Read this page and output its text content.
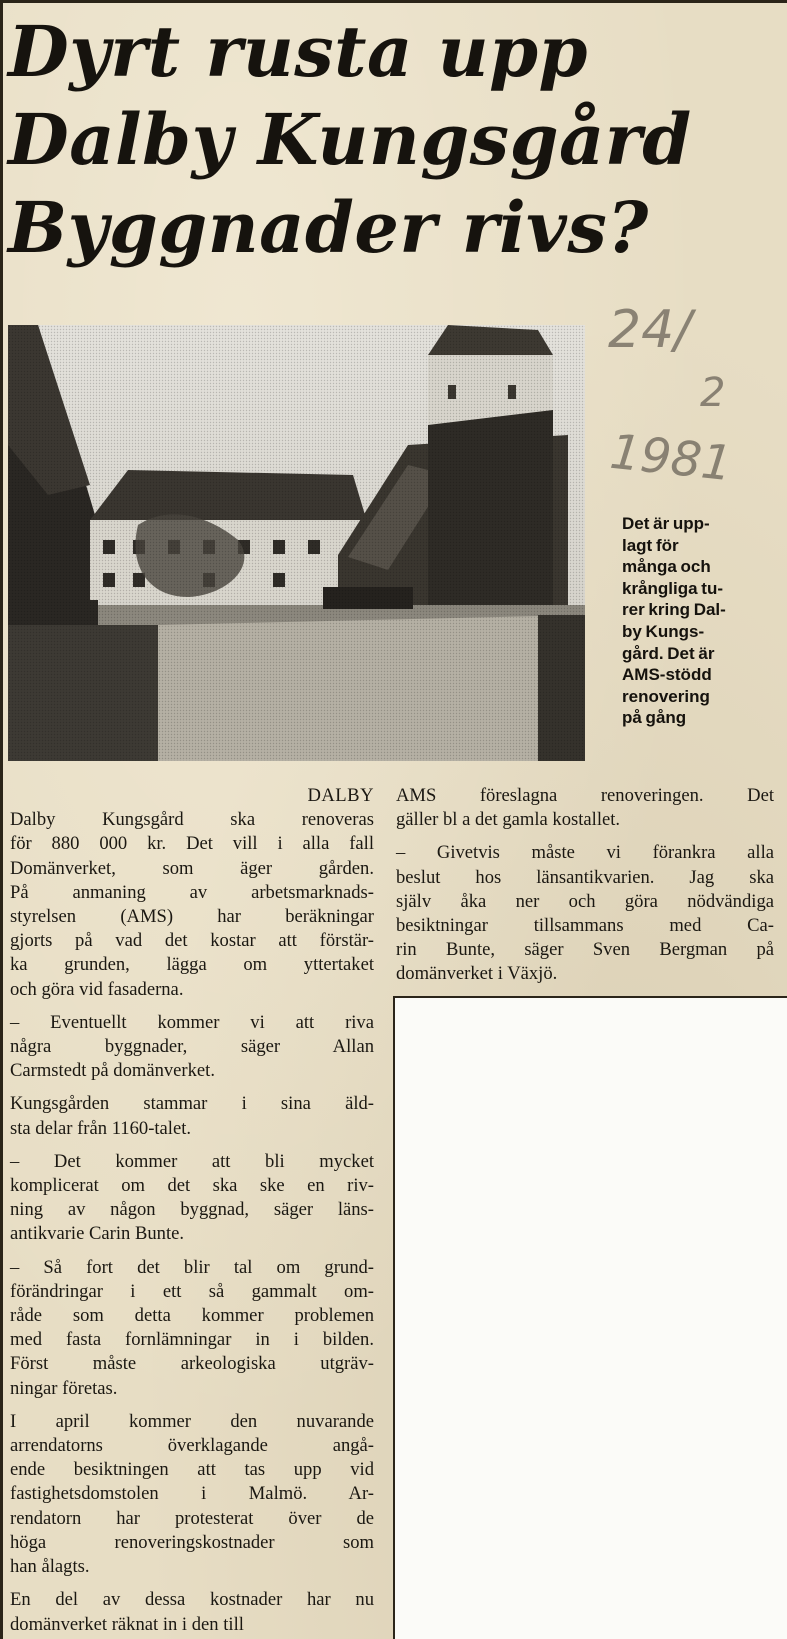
Dyrt rusta upp
Dalby Kungsgård
Byggnader rivs?
24/
2
1981
Det är upp-
lagt för
många och
krångliga tu-
rer kring Dal-
by Kungs-
gård. Det är
AMS-stödd
renovering
på gång
DALBY

Dalby Kungsgård ska renoveras
för 880 000 kr. Det vill i alla fall
Domänverket, som äger gården.
På anmaning av arbetsmarknads-
styrelsen (AMS) har beräkningar
gjorts på vad det kostar att förstär-
ka grunden, lägga om yttertaket
och göra vid fasaderna.

– Eventuellt kommer vi att riva
några byggnader, säger Allan
Carmstedt på domänverket.

Kungsgården stammar i sina äld-
sta delar från 1160-talet.

– Det kommer att bli mycket
komplicerat om det ska ske en riv-
ning av någon byggnad, säger läns-
antikvarie Carin Bunte.

– Så fort det blir tal om grund-
förändringar i ett så gammalt om-
råde som detta kommer problemen
med fasta fornlämningar in i bilden.
Först måste arkeologiska utgräv-
ningar företas.

I april kommer den nuvarande
arrendatorns överklagande angå-
ende besiktningen att tas upp vid
fastighetsdomstolen i Malmö. Ar-
rendatorn har protesterat över de
höga renoveringskostnader som
han ålagts.

En del av dessa kostnader har nu
domänverket räknat in i den till

AMS föreslagna renoveringen. Det
gäller bl a det gamla kostallet.

– Givetvis måste vi förankra alla
beslut hos länsantikvarien. Jag ska
själv åka ner och göra nödvändiga
besiktningar tillsammans med Ca-
rin Bunte, säger Sven Bergman på
domänverket i Växjö.
